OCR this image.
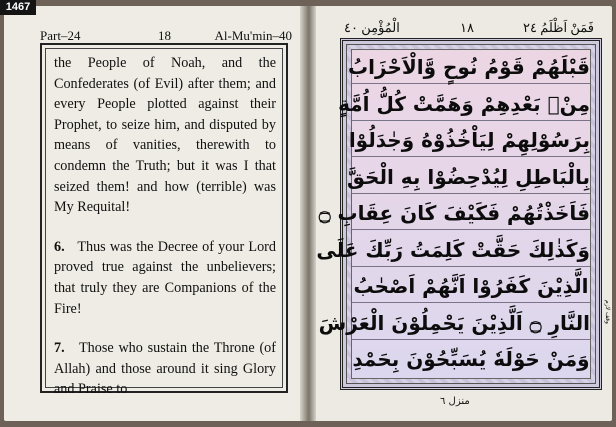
1467
Part–24	18	Al-Mu'min–40

the People of Noah, and the Confederates (of Evil) after them; and every People plotted against their Prophet, to seize him, and disputed by means of vanities, therewith to condemn the Truth; but it was I that seized them! and how (terrible) was My Requital!

6. Thus was the Decree of your Lord proved true against the unbelievers; that truly they are Companions of the Fire!

7. Those who sustain the Throne (of Allah) and those around it sing Glory and Praise to

الْمُؤْمِن ٤٠	١٨	فَمَنْ اَظْلَمُ ٢٤
قَبْلَهُمْ قَوْمُ نُوحٍ وَّالْاَحْزَابُ
مِنْۢ بَعْدِهِمْ وَهَمَّتْ كُلُّ اُمَّةٍ
بِرَسُوْلِهِمْ لِيَاْخُذُوْهُ وَجٰدَلُوْا
بِالْبَاطِلِ لِيُدْحِضُوْا بِهِ الْحَقَّ
فَاَخَذْتُهُمْ فَكَيْفَ كَانَ عِقَابِ ۝
وَكَذٰلِكَ حَقَّتْ كَلِمَتُ رَبِّكَ عَلَى
الَّذِيْنَ كَفَرُوْا اَنَّهُمْ اَصْحٰبُ
النَّارِ ۝ اَلَّذِيْنَ يَحْمِلُوْنَ الْعَرْشَ
وَمَنْ حَوْلَهٗ يُسَبِّحُوْنَ بِحَمْدِ
منزل ٦
وقف لازم
